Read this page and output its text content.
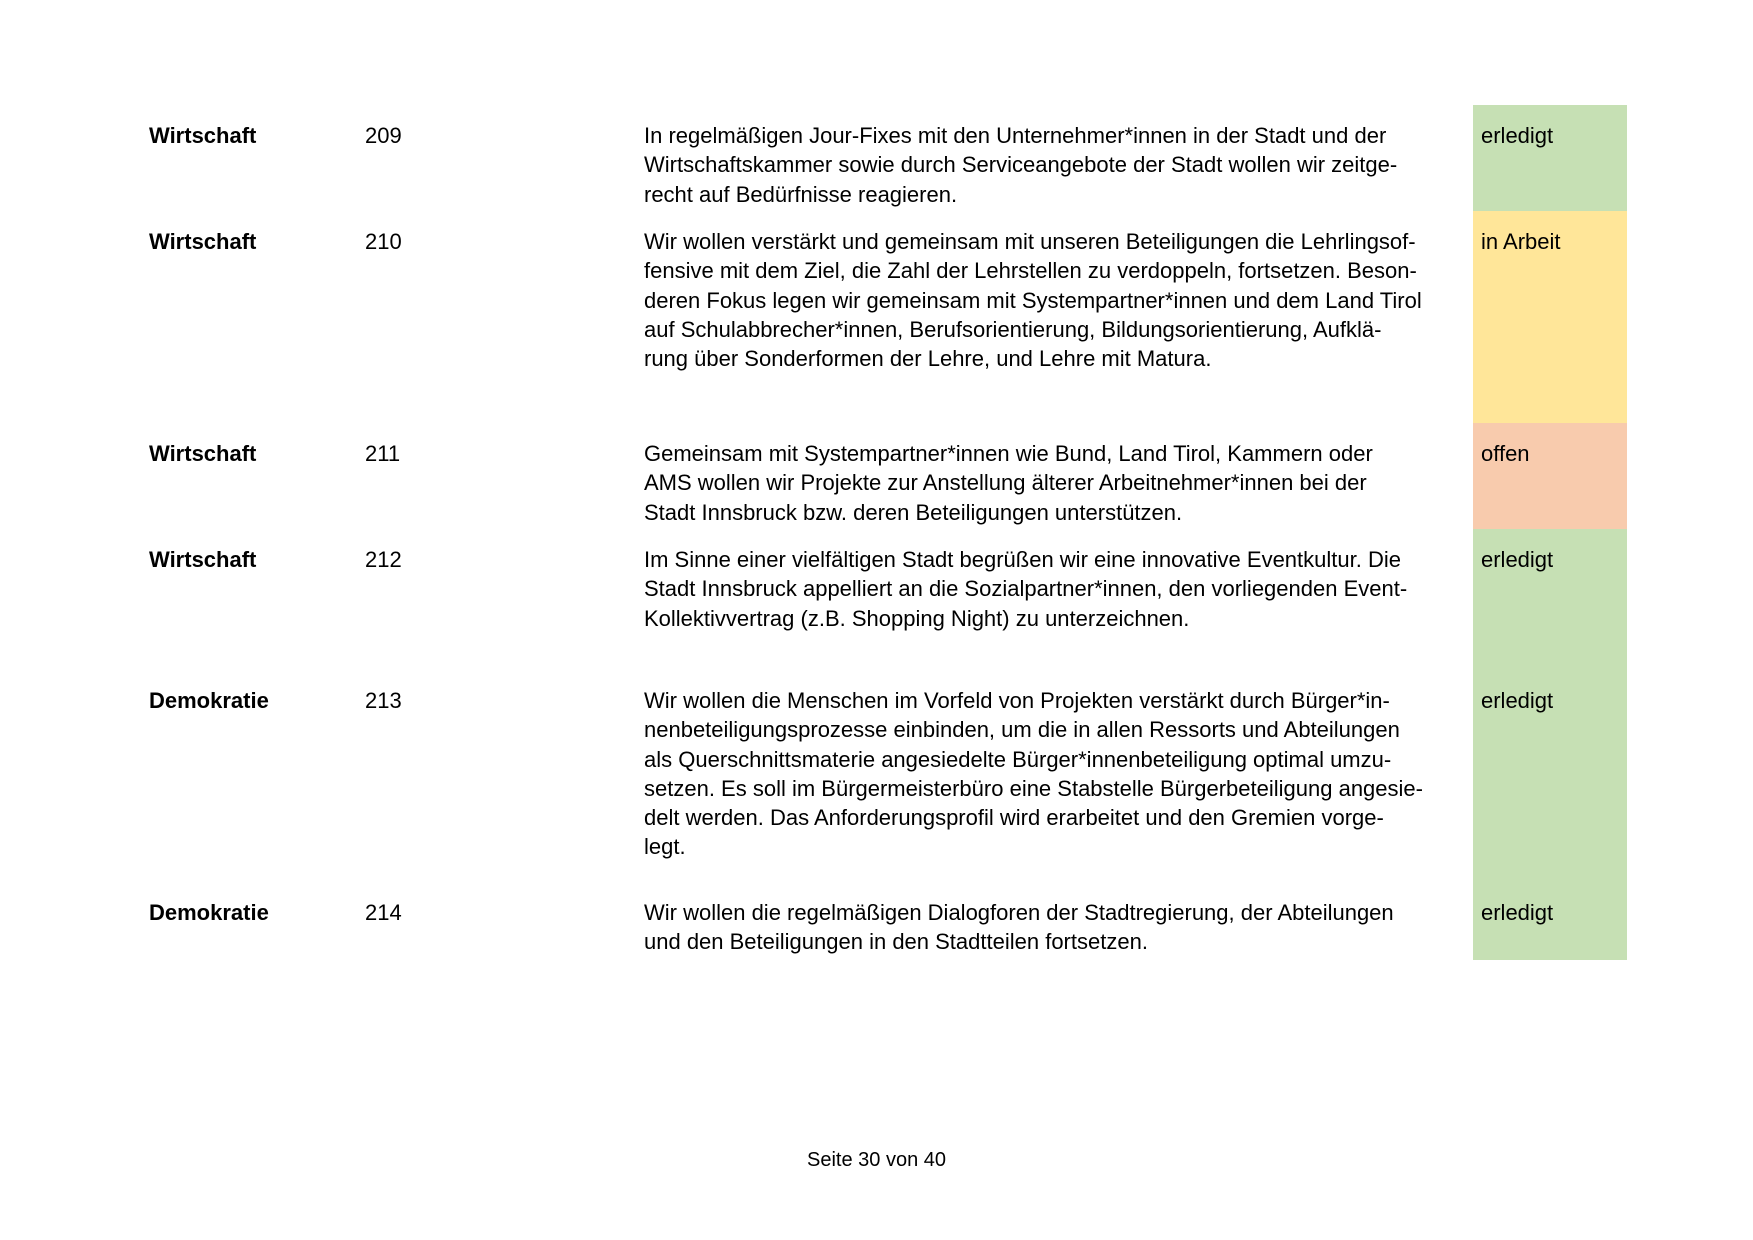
Wirtschaft	209	In regelmäßigen Jour-Fixes mit den Unternehmer*innen in der Stadt und der
Wirtschaftskammer sowie durch Serviceangebote der Stadt wollen wir zeitge-
recht auf Bedürfnisse reagieren.
erledigt
Wirtschaft	210	Wir wollen verstärkt und gemeinsam mit unseren Beteiligungen die Lehrlingsof-
fensive mit dem Ziel, die Zahl der Lehrstellen zu verdoppeln, fortsetzen. Beson-
deren Fokus legen wir gemeinsam mit Systempartner*innen und dem Land Tirol
auf Schulabbrecher*innen, Berufsorientierung, Bildungsorientierung, Aufklä-
rung über Sonderformen der Lehre, und Lehre mit Matura.
in Arbeit
Wirtschaft	211	Gemeinsam mit Systempartner*innen wie Bund, Land Tirol, Kammern oder
AMS wollen wir Projekte zur Anstellung älterer Arbeitnehmer*innen bei der
Stadt Innsbruck bzw. deren Beteiligungen unterstützen.
offen
Wirtschaft	212	Im Sinne einer vielfältigen Stadt begrüßen wir eine innovative Eventkultur. Die
Stadt Innsbruck appelliert an die Sozialpartner*innen, den vorliegenden Event-
Kollektivvertrag (z.B. Shopping Night) zu unterzeichnen.
erledigt
Demokratie	213	Wir wollen die Menschen im Vorfeld von Projekten verstärkt durch Bürger*in-
nenbeteiligungsprozesse einbinden, um die in allen Ressorts und Abteilungen
als Querschnittsmaterie angesiedelte Bürger*innenbeteiligung optimal umzu-
setzen. Es soll im Bürgermeisterbüro eine Stabstelle Bürgerbeteiligung angesie-
delt werden. Das Anforderungsprofil wird erarbeitet und den Gremien vorge-
legt.
erledigt
Demokratie	214	Wir wollen die regelmäßigen Dialogforen der Stadtregierung, der Abteilungen
und den Beteiligungen in den Stadtteilen fortsetzen.
erledigt
Seite 30 von 40
